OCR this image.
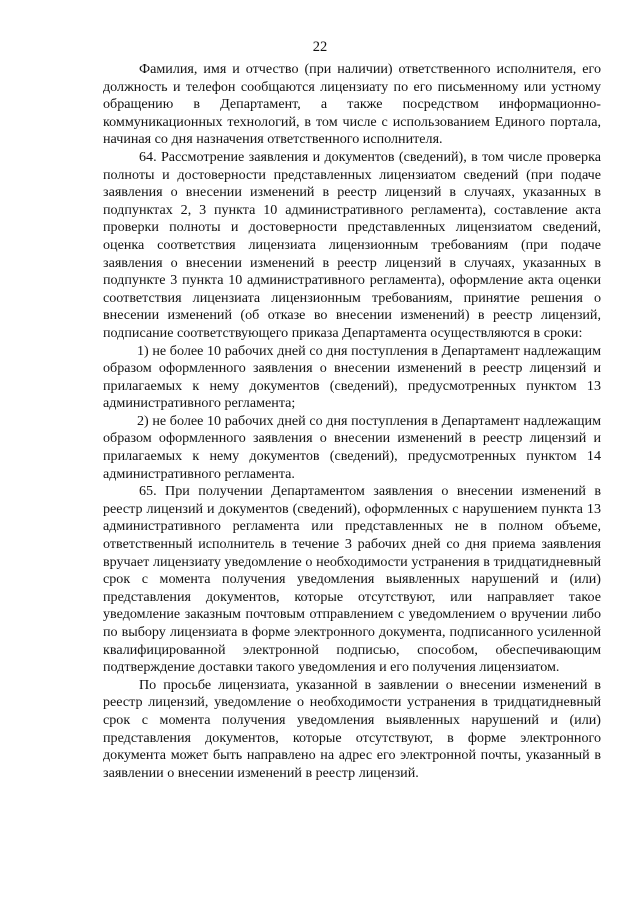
22

Фамилия, имя и отчество (при наличии) ответственного исполнителя, его должность и телефон сообщаются лицензиату по его письменному или устному обращению в Департамент, а также посредством информационно-коммуникационных технологий, в том числе с использованием Единого портала, начиная со дня назначения ответственного исполнителя.

64. Рассмотрение заявления и документов (сведений), в том числе проверка полноты и достоверности представленных лицензиатом сведений (при подаче заявления о внесении изменений в реестр лицензий в случаях, указанных в подпунктах 2, 3 пункта 10 административного регламента), составление акта проверки полноты и достоверности представленных лицензиатом сведений, оценка соответствия лицензиата лицензионным требованиям (при подаче заявления о внесении изменений в реестр лицензий в случаях, указанных в подпункте 3 пункта 10 административного регламента), оформление акта оценки соответствия лицензиата лицензионным требованиям, принятие решения о внесении изменений (об отказе во внесении изменений) в реестр лицензий, подписание соответствующего приказа Департамента осуществляются в сроки:

1) не более 10 рабочих дней со дня поступления в Департамент надлежащим образом оформленного заявления о внесении изменений в реестр лицензий и прилагаемых к нему документов (сведений), предусмотренных пунктом 13 административного регламента;

2) не более 10 рабочих дней со дня поступления в Департамент надлежащим образом оформленного заявления о внесении изменений в реестр лицензий и прилагаемых к нему документов (сведений), предусмотренных пунктом 14 административного регламента.

65. При получении Департаментом заявления о внесении изменений в реестр лицензий и документов (сведений), оформленных с нарушением пункта 13 административного регламента или представленных не в полном объеме, ответственный исполнитель в течение 3 рабочих дней со дня приема заявления вручает лицензиату уведомление о необходимости устранения в тридцатидневный срок с момента получения уведомления выявленных нарушений и (или) представления документов, которые отсутствуют, или направляет такое уведомление заказным почтовым отправлением с уведомлением о вручении либо по выбору лицензиата в форме электронного документа, подписанного усиленной квалифицированной электронной подписью, способом, обеспечивающим подтверждение доставки такого уведомления и его получения лицензиатом.

По просьбе лицензиата, указанной в заявлении о внесении изменений в реестр лицензий, уведомление о необходимости устранения в тридцатидневный срок с момента получения уведомления выявленных нарушений и (или) представления документов, которые отсутствуют, в форме электронного документа может быть направлено на адрес его электронной почты, указанный в заявлении о внесении изменений в реестр лицензий.
